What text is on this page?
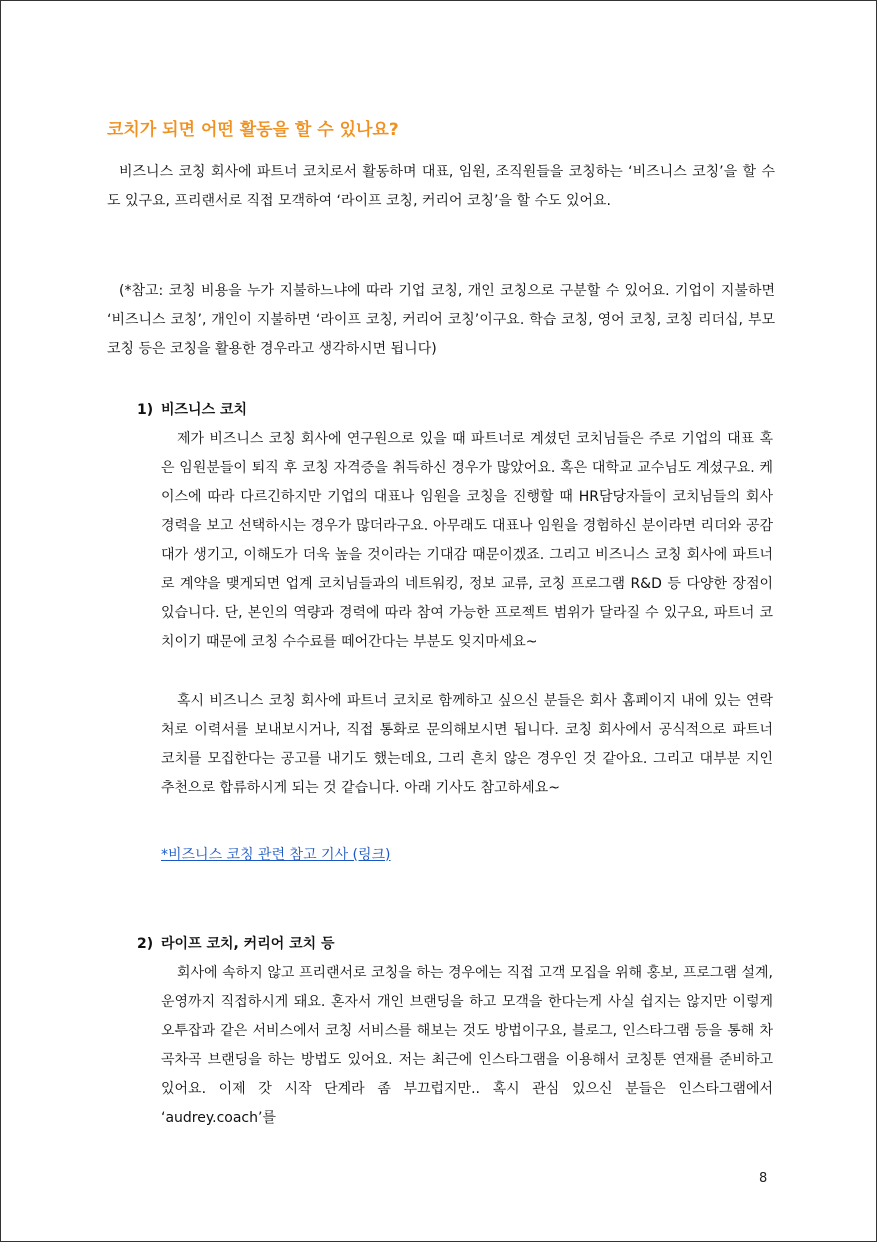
코치가 되면 어떤 활동을 할 수 있나요?

비즈니스 코칭 회사에 파트너 코치로서 활동하며 대표, 임원, 조직원들을 코칭하는 ‘비즈니스 코칭’을 할 수도 있구요, 프리랜서로 직접 모객하여 ‘라이프 코칭, 커리어 코칭’을 할 수도 있어요.

(*참고: 코칭 비용을 누가 지불하느냐에 따라 기업 코칭, 개인 코칭으로 구분할 수 있어요. 기업이 지불하면 ‘비즈니스 코칭’, 개인이 지불하면 ‘라이프 코칭, 커리어 코칭’이구요. 학습 코칭, 영어 코칭, 코칭 리더십, 부모 코칭 등은 코칭을 활용한 경우라고 생각하시면 됩니다)

1) 비즈니스 코치

제가 비즈니스 코칭 회사에 연구원으로 있을 때 파트너로 계셨던 코치님들은 주로 기업의 대표 혹은 임원분들이 퇴직 후 코칭 자격증을 취득하신 경우가 많았어요. 혹은 대학교 교수님도 계셨구요. 케이스에 따라 다르긴하지만 기업의 대표나 임원을 코칭을 진행할 때 HR담당자들이 코치님들의 회사 경력을 보고 선택하시는 경우가 많더라구요. 아무래도 대표나 임원을 경험하신 분이라면 리더와 공감대가 생기고, 이해도가 더욱 높을 것이라는 기대감 때문이겠죠. 그리고 비즈니스 코칭 회사에 파트너로 계약을 맺게되면 업계 코치님들과의 네트워킹, 정보 교류, 코칭 프로그램 R&D 등 다양한 장점이 있습니다. 단, 본인의 역량과 경력에 따라 참여 가능한 프로젝트 범위가 달라질 수 있구요, 파트너 코치이기 때문에 코칭 수수료를 떼어간다는 부분도 잊지마세요~

혹시 비즈니스 코칭 회사에 파트너 코치로 함께하고 싶으신 분들은 회사 홈페이지 내에 있는 연락처로 이력서를 보내보시거나, 직접 통화로 문의해보시면 됩니다. 코칭 회사에서 공식적으로 파트너 코치를 모집한다는 공고를 내기도 했는데요, 그리 흔치 않은 경우인 것 같아요. 그리고 대부분 지인 추천으로 합류하시게 되는 것 같습니다. 아래 기사도 참고하세요~

*비즈니스 코칭 관련 참고 기사 (링크)
2) 라이프 코치, 커리어 코치 등

회사에 속하지 않고 프리랜서로 코칭을 하는 경우에는 직접 고객 모집을 위해 홍보, 프로그램 설계, 운영까지 직접하시게 돼요. 혼자서 개인 브랜딩을 하고 모객을 한다는게 사실 쉽지는 않지만 이렇게 오투잡과 같은 서비스에서 코칭 서비스를 해보는 것도 방법이구요, 블로그, 인스타그램 등을 통해 차곡차곡 브랜딩을 하는 방법도 있어요. 저는 최근에 인스타그램을 이용해서 코칭툰 연재를 준비하고 있어요. 이제 갓 시작 단계라 좀 부끄럽지만.. 혹시 관심 있으신 분들은 인스타그램에서 ‘audrey.coach’를

8
